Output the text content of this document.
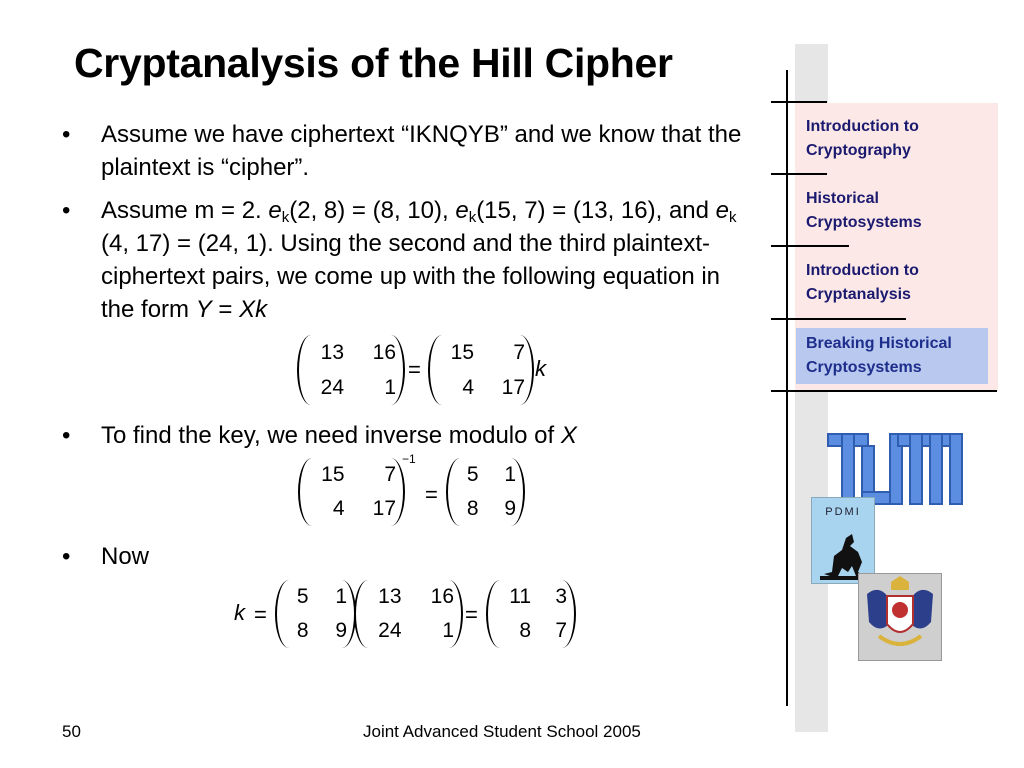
Cryptanalysis of the Hill Cipher
• Assume we have ciphertext “IKNQYB” and we know that the plaintext is “cipher”.
• Assume m = 2. $e_k(2$, 8) = (8, 10), $e_k(15$, 7) = (13, 16), and $e_k$ (4, 17) = (24, 1). Using the second and the third plaintext-ciphertext pairs, we come up with the following equation in the form Y = Xk
13	16
24	1
=
15	7
4	17
k
• To find the key, we need inverse modulo of X
15	7
4	17
−1
=
5	1
8	9
• Now
k =
5	1
8	9
13	16
24	1
=
11	3
8	7
Introduction to Cryptography
Historical Cryptosystems
Introduction to Cryptanalysis
Breaking Historical Cryptosystems
PDMI
50	Joint Advanced Student School 2005
